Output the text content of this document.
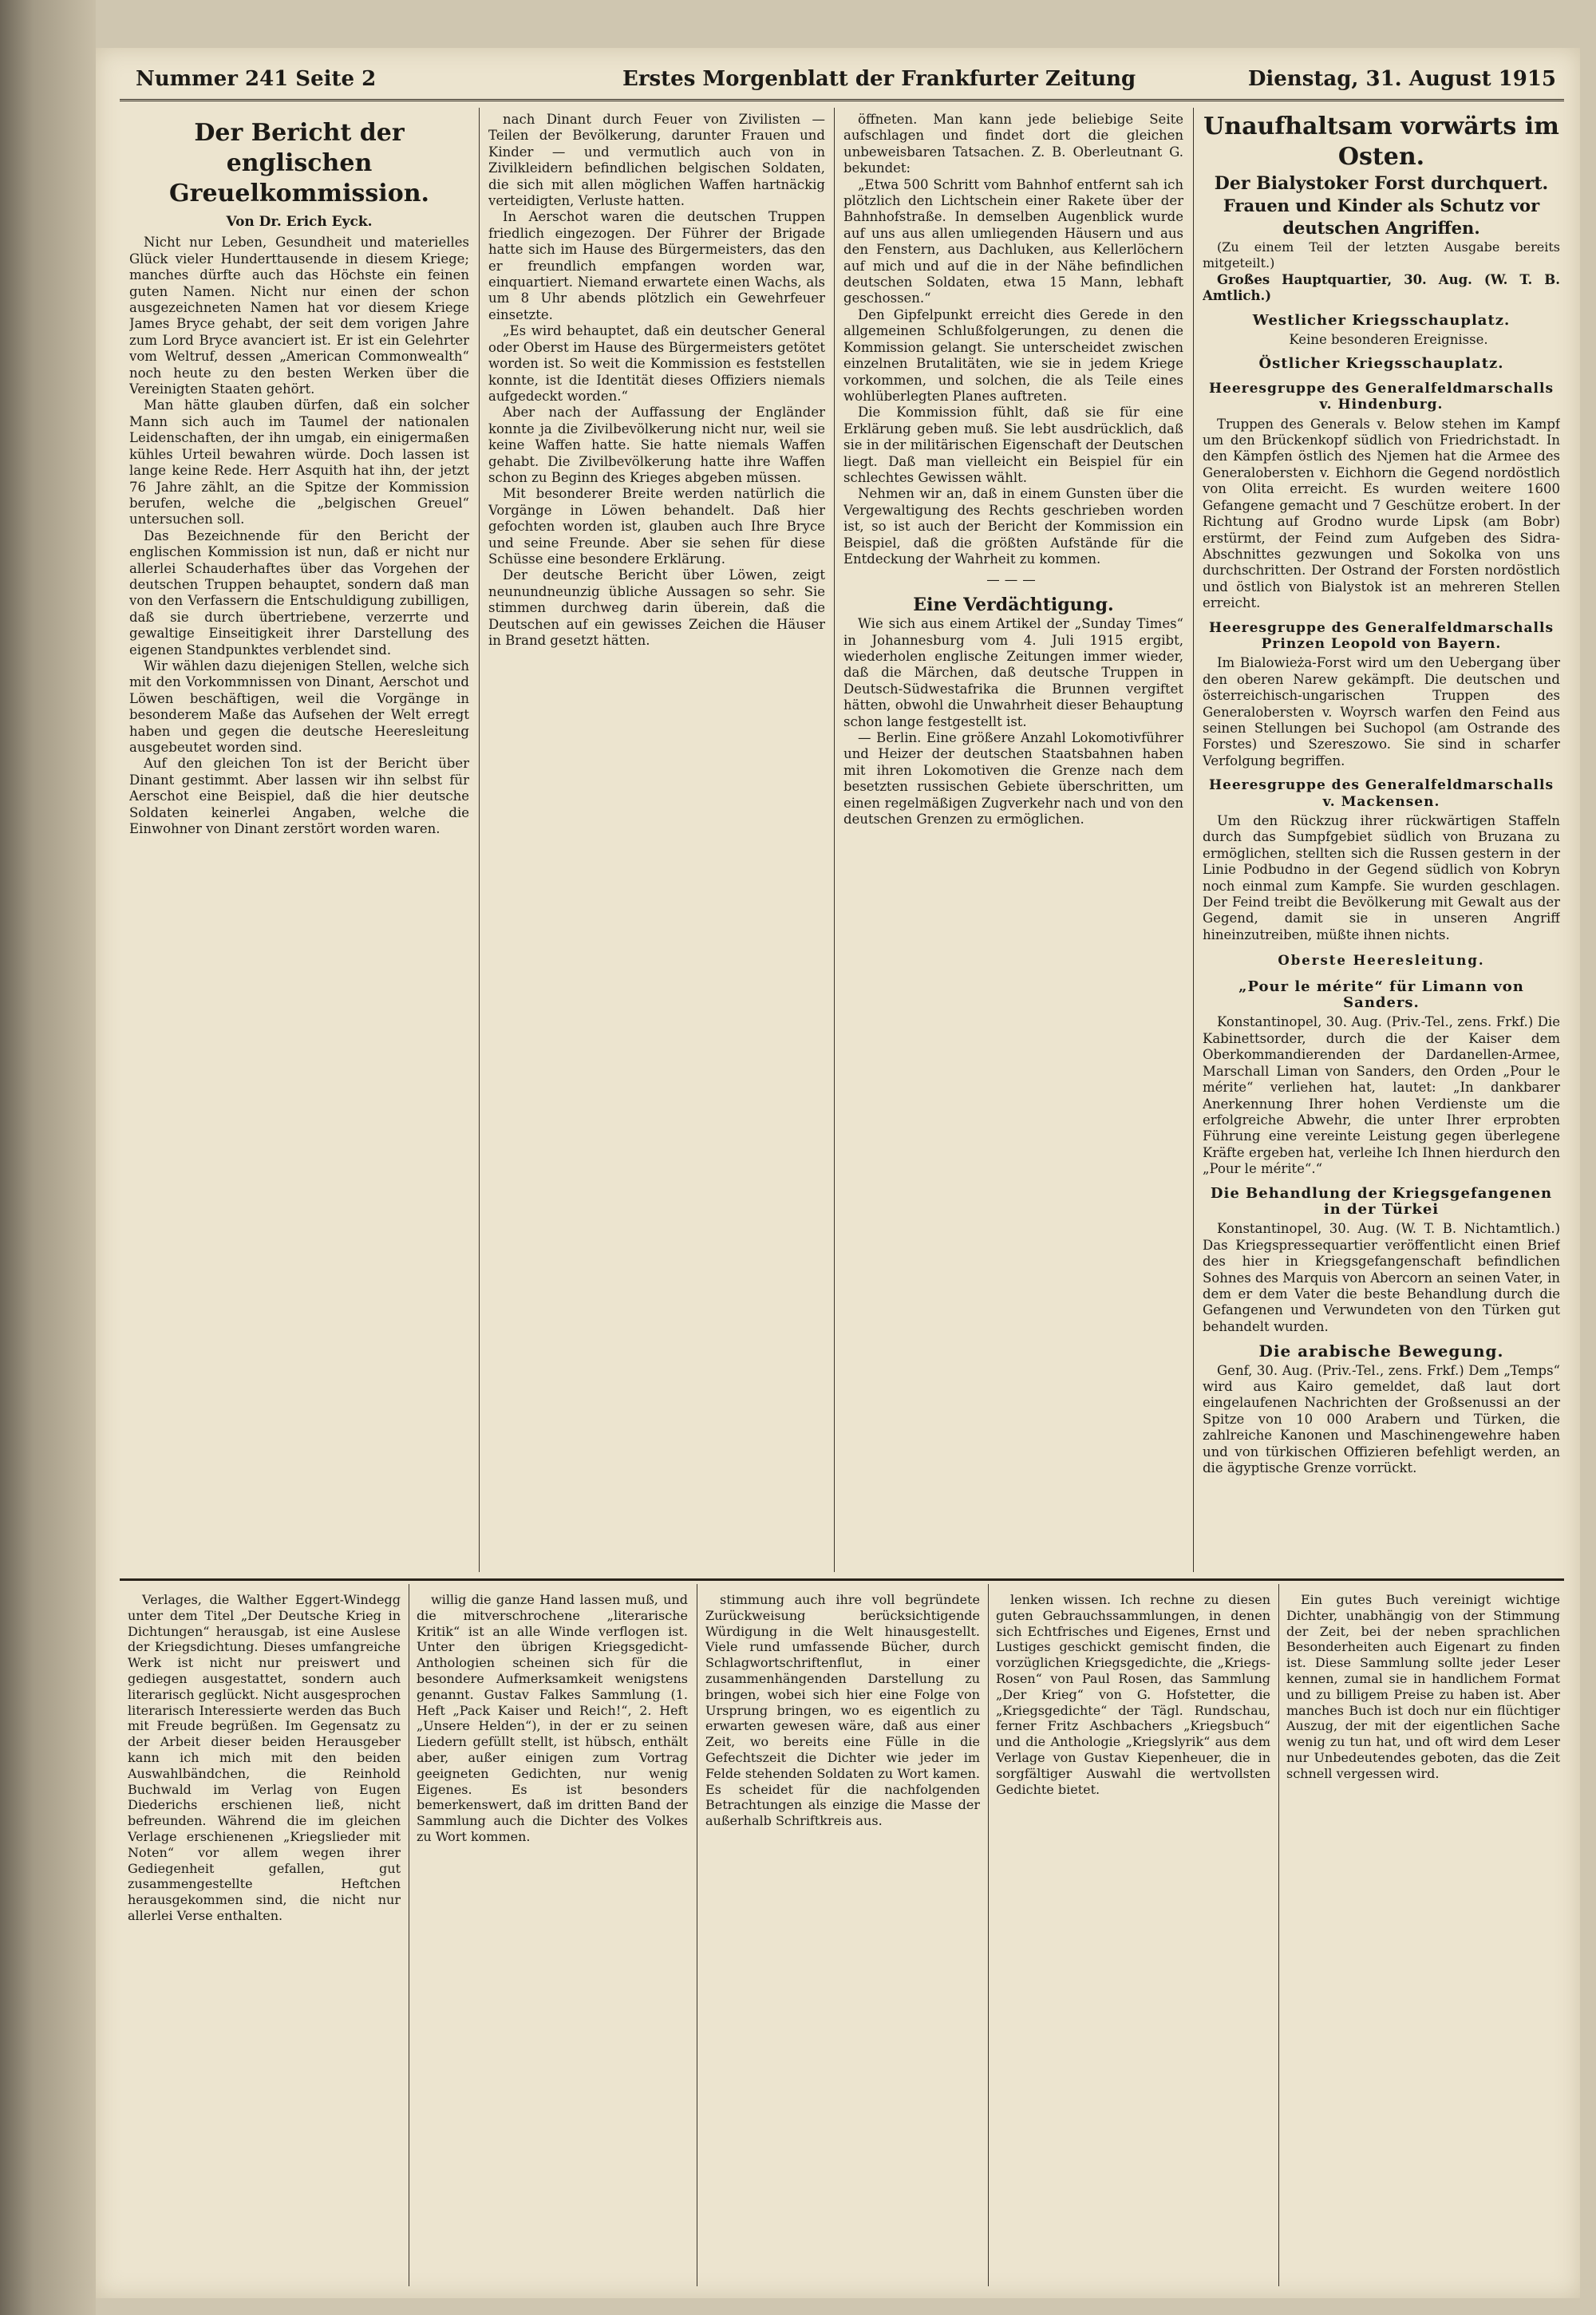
Nummer 241 Seite 2	Erstes Morgenblatt der Frankfurter Zeitung	Dienstag, 31. August 1915
Der Bericht der englischen Greuelkommission.
Von Dr. Erich Eyck.

Nicht nur Leben, Gesundheit und materielles Glück vieler Hunderttausende in diesem Kriege; manches dürfte auch das Höchste ein feinen guten Namen. Nicht nur einen der schon ausgezeichneten Namen hat vor diesem Kriege James Bryce gehabt, der seit dem vorigen Jahre zum Lord Bryce avanciert ist. Er ist ein Gelehrter vom Weltruf, dessen „American Commonwealth“ noch heute zu den besten Werken über die Vereinigten Staaten gehört.

Man hätte glauben dürfen, daß ein solcher Mann sich auch im Taumel der nationalen Leidenschaften, der ihn umgab, ein einigermaßen kühles Urteil bewahren würde. Doch lassen ist lange keine Rede. Herr Asquith hat ihn, der jetzt 76 Jahre zählt, an die Spitze der Kommission berufen, welche die „belgischen Greuel“ untersuchen soll.

Das Bezeichnende für den Bericht der englischen Kommission ist nun, daß er nicht nur allerlei Schauderhaftes über das Vorgehen der deutschen Truppen behauptet, sondern daß man von den Verfassern die Entschuldigung zubilligen, daß sie durch übertriebene, verzerrte und gewaltige Einseitigkeit ihrer Darstellung des eigenen Standpunktes verblendet sind.

Wir wählen dazu diejenigen Stellen, welche sich mit den Vorkommnissen von Dinant, Aerschot und Löwen beschäftigen, weil die Vorgänge in besonderem Maße das Aufsehen der Welt erregt haben und gegen die deutsche Heeresleitung ausgebeutet worden sind.

Auf den gleichen Ton ist der Bericht über Dinant gestimmt. Aber lassen wir ihn selbst für Aerschot eine Beispiel, daß die hier deutsche Soldaten keinerlei Angaben, welche die Einwohner von Dinant zerstört worden waren.

nach Dinant durch Feuer von Zivilisten — Teilen der Bevölkerung, darunter Frauen und Kinder — und vermutlich auch von in Zivilkleidern befindlichen belgischen Soldaten, die sich mit allen möglichen Waffen hartnäckig verteidigten, Verluste hatten.

In Aerschot waren die deutschen Truppen friedlich eingezogen. Der Führer der Brigade hatte sich im Hause des Bürgermeisters, das den er freundlich empfangen worden war, einquartiert. Niemand erwartete einen Wachs, als um 8 Uhr abends plötzlich ein Gewehrfeuer einsetzte.

„Es wird behauptet, daß ein deutscher General oder Oberst im Hause des Bürgermeisters getötet worden ist. So weit die Kommission es feststellen konnte, ist die Identität dieses Offiziers niemals aufgedeckt worden.“

Aber nach der Auffassung der Engländer konnte ja die Zivilbevölkerung nicht nur, weil sie keine Waffen hatte. Sie hatte niemals Waffen gehabt. Die Zivilbevölkerung hatte ihre Waffen schon zu Beginn des Krieges abgeben müssen.

Mit besonderer Breite werden natürlich die Vorgänge in Löwen behandelt. Daß hier gefochten worden ist, glauben auch Ihre Bryce und seine Freunde. Aber sie sehen für diese Schüsse eine besondere Erklärung.

Der deutsche Bericht über Löwen, zeigt neunundneunzig übliche Aussagen so sehr. Sie stimmen durchweg darin überein, daß die Deutschen auf ein gewisses Zeichen die Häuser in Brand gesetzt hätten.

öffneten. Man kann jede beliebige Seite aufschlagen und findet dort die gleichen unbeweisbaren Tatsachen. Z. B. Oberleutnant G. bekundet:

„Etwa 500 Schritt vom Bahnhof entfernt sah ich plötzlich den Lichtschein einer Rakete über der Bahnhofstraße. In demselben Augenblick wurde auf uns aus allen umliegenden Häusern und aus den Fenstern, aus Dachluken, aus Kellerlöchern auf mich und auf die in der Nähe befindlichen deutschen Soldaten, etwa 15 Mann, lebhaft geschossen.“

Den Gipfelpunkt erreicht dies Gerede in den allgemeinen Schlußfolgerungen, zu denen die Kommission gelangt. Sie unterscheidet zwischen einzelnen Brutalitäten, wie sie in jedem Kriege vorkommen, und solchen, die als Teile eines wohlüberlegten Planes auftreten.

Die Kommission fühlt, daß sie für eine Erklärung geben muß. Sie lebt ausdrücklich, daß sie in der militärischen Eigenschaft der Deutschen liegt. Daß man vielleicht ein Beispiel für ein schlechtes Gewissen wählt.

Nehmen wir an, daß in einem Gunsten über die Vergewaltigung des Rechts geschrieben worden ist, so ist auch der Bericht der Kommission ein Beispiel, daß die größten Aufstände für die Entdeckung der Wahrheit zu kommen.

———
Eine Verdächtigung.

Wie sich aus einem Artikel der „Sunday Times“ in Johannesburg vom 4. Juli 1915 ergibt, wiederholen englische Zeitungen immer wieder, daß die Märchen, daß deutsche Truppen in Deutsch-Südwestafrika die Brunnen vergiftet hätten, obwohl die Unwahrheit dieser Behauptung schon lange festgestellt ist.

— Berlin. Eine größere Anzahl Lokomotivführer und Heizer der deutschen Staatsbahnen haben mit ihren Lokomotiven die Grenze nach dem besetzten russischen Gebiete überschritten, um einen regelmäßigen Zugverkehr nach und von den deutschen Grenzen zu ermöglichen.

Unaufhaltsam vorwärts im Osten.
Der Bialystoker Forst durchquert.
Frauen und Kinder als Schutz vor deutschen Angriffen.

(Zu einem Teil der letzten Ausgabe bereits mitgeteilt.)

Großes Hauptquartier, 30. Aug. (W. T. B. Amtlich.)

Westlicher Kriegsschauplatz.

Keine besonderen Ereignisse.

Östlicher Kriegsschauplatz.
Heeresgruppe des Generalfeldmarschalls v. Hindenburg.

Truppen des Generals v. Below stehen im Kampf um den Brückenkopf südlich von Friedrichstadt. In den Kämpfen östlich des Njemen hat die Armee des Generalobersten v. Eichhorn die Gegend nordöstlich von Olita erreicht. Es wurden weitere 1600 Gefangene gemacht und 7 Geschütze erobert. In der Richtung auf Grodno wurde Lipsk (am Bobr) erstürmt, der Feind zum Aufgeben des Sidra-Abschnittes gezwungen und Sokolka von uns durchschritten. Der Ostrand der Forsten nordöstlich und östlich von Bialystok ist an mehreren Stellen erreicht.

Heeresgruppe des Generalfeldmarschalls Prinzen Leopold von Bayern.

Im Bialowieża-Forst wird um den Uebergang über den oberen Narew gekämpft. Die deutschen und österreichisch-ungarischen Truppen des Generalobersten v. Woyrsch warfen den Feind aus seinen Stellungen bei Suchopol (am Ostrande des Forstes) und Szereszowo. Sie sind in scharfer Verfolgung begriffen.

Heeresgruppe des Generalfeldmarschalls v. Mackensen.

Um den Rückzug ihrer rückwärtigen Staffeln durch das Sumpfgebiet südlich von Bruzana zu ermöglichen, stellten sich die Russen gestern in der Linie Podbudno in der Gegend südlich von Kobryn noch einmal zum Kampfe. Sie wurden geschlagen. Der Feind treibt die Bevölkerung mit Gewalt aus der Gegend, damit sie in unseren Angriff hineinzutreiben, müßte ihnen nichts.

Oberste Heeresleitung.
„Pour le mérite“ für Limann von Sanders.

Konstantinopel, 30. Aug. (Priv.-Tel., zens. Frkf.) Die Kabinettsorder, durch die der Kaiser dem Oberkommandierenden der Dardanellen-Armee, Marschall Liman von Sanders, den Orden „Pour le mérite“ verliehen hat, lautet: „In dankbarer Anerkennung Ihrer hohen Verdienste um die erfolgreiche Abwehr, die unter Ihrer erprobten Führung eine vereinte Leistung gegen überlegene Kräfte ergeben hat, verleihe Ich Ihnen hierdurch den „Pour le mérite“.“

Die Behandlung der Kriegsgefangenen in der Türkei

Konstantinopel, 30. Aug. (W. T. B. Nichtamtlich.) Das Kriegspressequartier veröffentlicht einen Brief des hier in Kriegsgefangenschaft befindlichen Sohnes des Marquis von Abercorn an seinen Vater, in dem er dem Vater die beste Behandlung durch die Gefangenen und Verwundeten von den Türken gut behandelt wurden.

Die arabische Bewegung.

Genf, 30. Aug. (Priv.-Tel., zens. Frkf.) Dem „Temps“ wird aus Kairo gemeldet, daß laut dort eingelaufenen Nachrichten der Großsenussi an der Spitze von 10 000 Arabern und Türken, die zahlreiche Kanonen und Maschinengewehre haben und von türkischen Offizieren befehligt werden, an die ägyptische Grenze vorrückt.

Verlages, die Walther Eggert-Windegg unter dem Titel „Der Deutsche Krieg in Dichtungen“ herausgab, ist eine Auslese der Kriegsdichtung. Dieses umfangreiche Werk ist nicht nur preiswert und gediegen ausgestattet, sondern auch literarisch geglückt. Nicht ausgesprochen literarisch Interessierte werden das Buch mit Freude begrüßen. Im Gegensatz zu der Arbeit dieser beiden Herausgeber kann ich mich mit den beiden Auswahlbändchen, die Reinhold Buchwald im Verlag von Eugen Diederichs erschienen ließ, nicht befreunden. Während die im gleichen Verlage erschienenen „Kriegslieder mit Noten“ vor allem wegen ihrer Gediegenheit gefallen, gut zusammengestellte Heftchen herausgekommen sind, die nicht nur allerlei Verse enthalten.

willig die ganze Hand lassen muß, und die mitverschrochene „literarische Kritik“ ist an alle Winde verflogen ist. Unter den übrigen Kriegsgedicht-Anthologien scheinen sich für die besondere Aufmerksamkeit wenigstens genannt. Gustav Falkes Sammlung (1. Heft „Pack Kaiser und Reich!“, 2. Heft „Unsere Helden“), in der er zu seinen Liedern gefüllt stellt, ist hübsch, enthält aber, außer einigen zum Vortrag geeigneten Gedichten, nur wenig Eigenes. Es ist besonders bemerkenswert, daß im dritten Band der Sammlung auch die Dichter des Volkes zu Wort kommen.

stimmung auch ihre voll begründete Zurückweisung berücksichtigende Würdigung in die Welt hinausgestellt. Viele rund umfassende Bücher, durch Schlagwortschriftenflut, in einer zusammenhängenden Darstellung zu bringen, wobei sich hier eine Folge von Ursprung bringen, wo es eigentlich zu erwarten gewesen wäre, daß aus einer Zeit, wo bereits eine Fülle in die Gefechtszeit die Dichter wie jeder im Felde stehenden Soldaten zu Wort kamen. Es scheidet für die nachfolgenden Betrachtungen als einzige die Masse der außerhalb Schriftkreis aus.

lenken wissen. Ich rechne zu diesen guten Gebrauchssammlungen, in denen sich Echtfrisches und Eigenes, Ernst und Lustiges geschickt gemischt finden, die vorzüglichen Kriegsgedichte, die „Kriegs-Rosen“ von Paul Rosen, das Sammlung „Der Krieg“ von G. Hofstetter, die „Kriegsgedichte“ der Tägl. Rundschau, ferner Fritz Aschbachers „Kriegsbuch“ und die Anthologie „Kriegslyrik“ aus dem Verlage von Gustav Kiepenheuer, die in sorgfältiger Auswahl die wertvollsten Gedichte bietet.

Ein gutes Buch vereinigt wichtige Dichter, unabhängig von der Stimmung der Zeit, bei der neben sprachlichen Besonderheiten auch Eigenart zu finden ist. Diese Sammlung sollte jeder Leser kennen, zumal sie in handlichem Format und zu billigem Preise zu haben ist. Aber manches Buch ist doch nur ein flüchtiger Auszug, der mit der eigentlichen Sache wenig zu tun hat, und oft wird dem Leser nur Unbedeutendes geboten, das die Zeit schnell vergessen wird.
